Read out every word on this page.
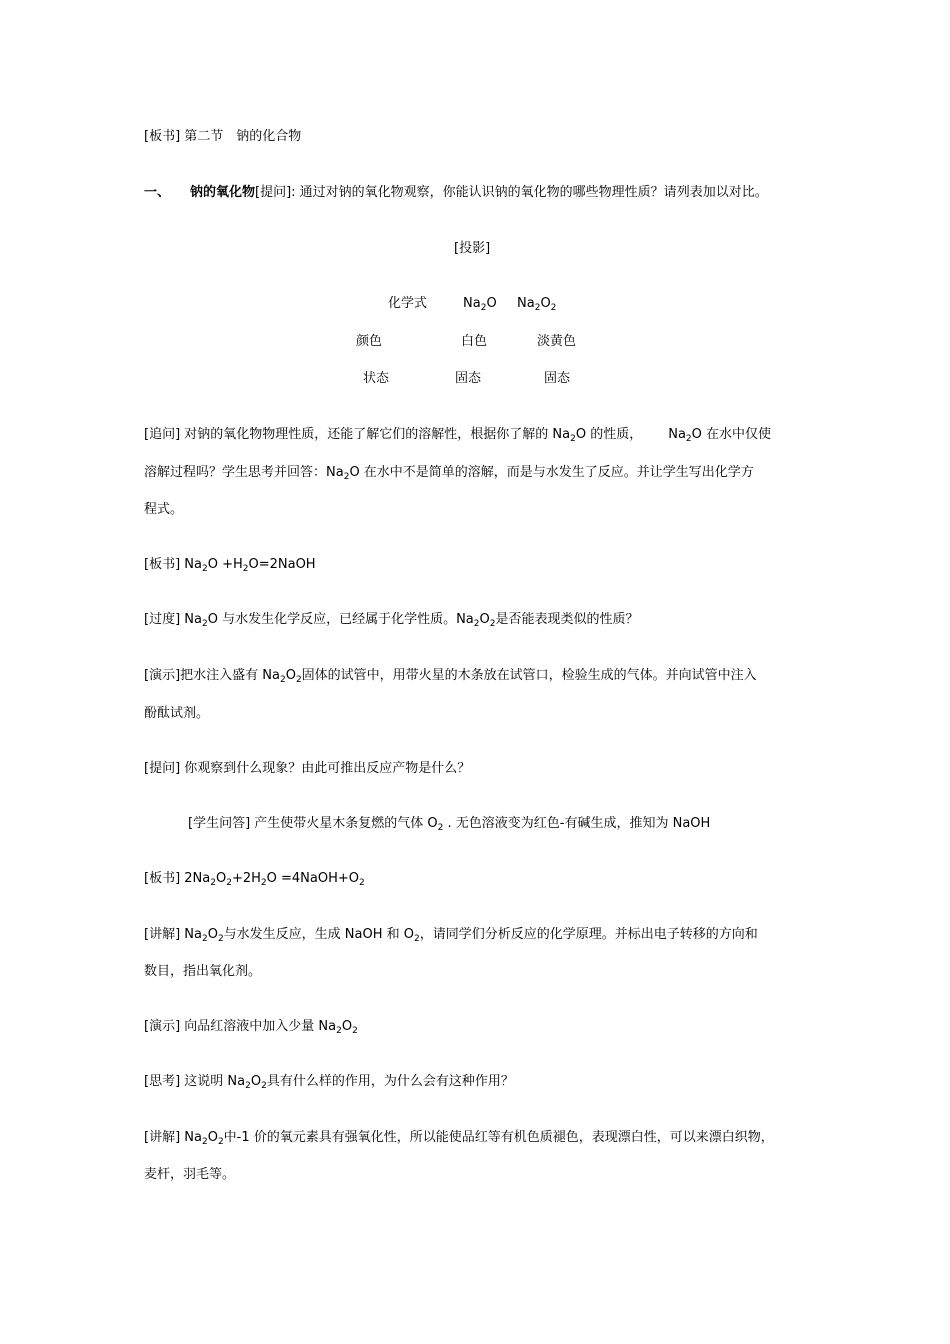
[板书] 第二节　钠的化合物
一、 钠的氧化物[提问]: 通过对钠的氧化物观察，你能认识钠的氧化物的哪些物理性质？请列表加以对比。
[投影]
化学式	$Na_2O$ $Na_2O_2$
颜色	白色	淡黄色
状态	固态	固态
[追问] 对钠的氧化物物理性质，还能了解它们的溶解性，根据你了解的 $Na_2O$ 的性质， $Na_2O$ 在水中仅使
溶解过程吗？学生思考并回答：$Na_2O$ 在水中不是简单的溶解，而是与水发生了反应。并让学生写出化学方
程式。
[板书] $Na_2O$ $+H_2O=2NaOH$
[过度] $Na_2O$ 与水发生化学反应，已经属于化学性质。$Na_2O_2$是否能表现类似的性质？
[演示]把水注入盛有 $Na_2O_2$固体的试管中，用带火星的木条放在试管口，检验生成的气体。并向试管中注入
酚酞试剂。
[提问] 你观察到什么现象？由此可推出反应产物是什么？
[学生问答] 产生使带火星木条复燃的气体 $O_2$ . 无色溶液变为红色-有碱生成，推知为 NaOH
[板书] $2Na_2O_2+2H_2O$ $=4NaOH+O_2$
[讲解] $Na_2O_2$与水发生反应，生成 NaOH 和 $O_2$，请同学们分析反应的化学原理。并标出电子转移的方向和
数目，指出氧化剂。
[演示] 向品红溶液中加入少量 $Na_2O_2$
[思考] 这说明 $Na_2O_2$具有什么样的作用，为什么会有这种作用？
[讲解] $Na_2O_2$中-1 价的氧元素具有强氧化性，所以能使品红等有机色质褪色，表现漂白性，可以来漂白织物，
麦杆，羽毛等。
